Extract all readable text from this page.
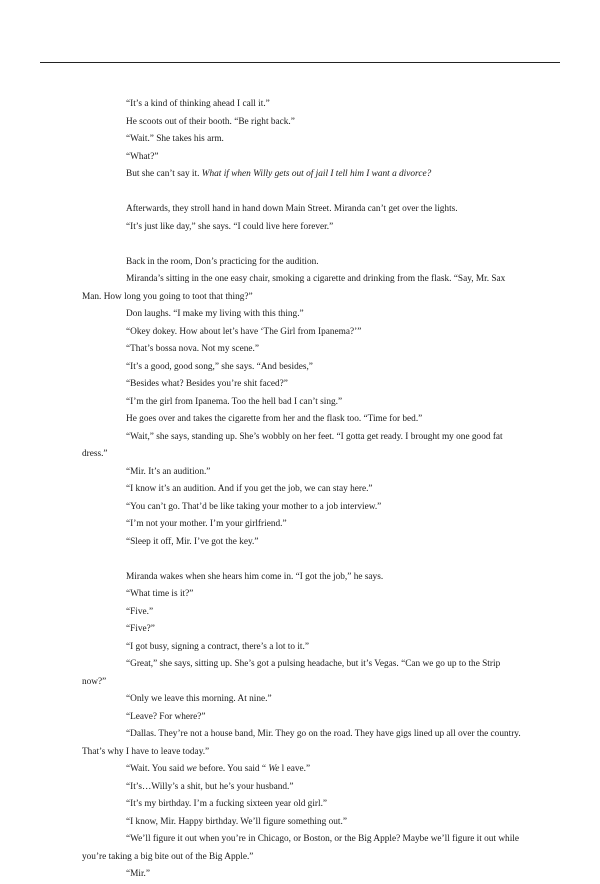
“It’s a kind of thinking ahead I call it.”

He scoots out of their booth. “Be right back.”

“Wait.” She takes his arm.

“What?”

But she can’t say it. What if when Willy gets out of jail I tell him I want a divorce?

Afterwards, they stroll hand in hand down Main Street. Miranda can’t get over the lights.

“It’s just like day,” she says. “I could live here forever.”

Back in the room, Don’s practicing for the audition.

Miranda’s sitting in the one easy chair, smoking a cigarette and drinking from the flask. “Say, Mr. Sax Man. How long you going to toot that thing?”

Don laughs. “I make my living with this thing.”

“Okey dokey. How about let’s have ‘The Girl from Ipanema?’”

“That’s bossa nova. Not my scene.”

“It’s a good, good song,” she says. “And besides,”

“Besides what? Besides you’re shit faced?”

“I’m the girl from Ipanema. Too the hell bad I can’t sing.”

He goes over and takes the cigarette from her and the flask too. “Time for bed.”

“Wait,” she says, standing up. She’s wobbly on her feet. “I gotta get ready. I brought my one good fat dress.”

“Mir. It’s an audition.”

“I know it’s an audition. And if you get the job, we can stay here.”

“You can’t go. That’d be like taking your mother to a job interview.”

“I’m not your mother. I’m your girlfriend.”

“Sleep it off, Mir. I’ve got the key.”

Miranda wakes when she hears him come in. “I got the job,” he says.

“What time is it?”

“Five.”

“Five?”

“I got busy, signing a contract, there’s a lot to it.”

“Great,” she says, sitting up. She’s got a pulsing headache, but it’s Vegas. “Can we go up to the Strip now?”

“Only we leave this morning. At nine.”

“Leave? For where?”

“Dallas. They’re not a house band, Mir. They go on the road. They have gigs lined up all over the country. That’s why I have to leave today.”

“Wait. You said we before. You said “ We l eave.”

“It’s…Willy’s a shit, but he’s your husband.”

“It’s my birthday. I’m a fucking sixteen year old girl.”

“I know, Mir. Happy birthday. We’ll figure something out.”

“We’ll figure it out when you’re in Chicago, or Boston, or the Big Apple? Maybe we’ll figure it out while you’re taking a big bite out of the Big Apple.”

“Mir.”
